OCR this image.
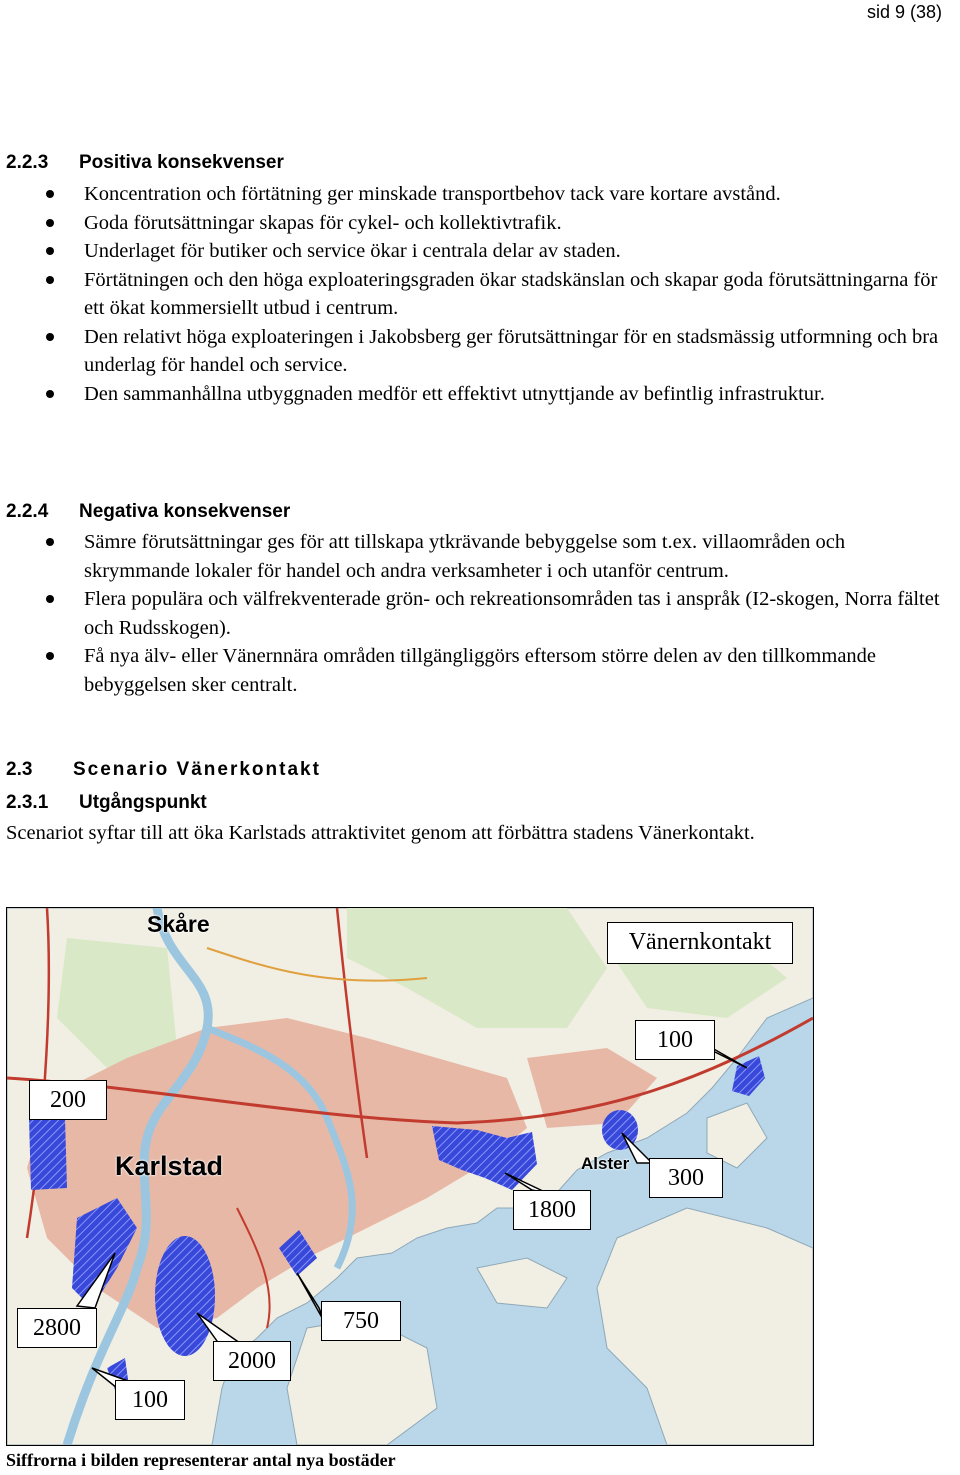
sid 9 (38)
2.2.3 Positiva konsekvenser
Koncentration och förtätning ger minskade transportbehov tack vare kortare avstånd.
Goda förutsättningar skapas för cykel- och kollektivtrafik.
Underlaget för butiker och service ökar i centrala delar av staden.
Förtätningen och den höga exploateringsgraden ökar stadskänslan och skapar goda förutsättningarna för ett ökat kommersiellt utbud i centrum.
Den relativt höga exploateringen i Jakobsberg ger förutsättningar för en stadsmässig utformning och bra underlag för handel och service.
Den sammanhållna utbyggnaden medför ett effektivt utnyttjande av befintlig infrastruktur.
2.2.4 Negativa konsekvenser
Sämre förutsättningar ges för att tillskapa ytkrävande bebyggelse som t.ex. villaområden och skrymmande lokaler för handel och andra verksamheter i och utanför centrum.
Flera populära och välfrekventerade grön- och rekreationsområden tas i anspråk (I2-skogen, Norra fältet och Rudsskogen).
Få nya älv- eller Vänernnära områden tillgängliggörs eftersom större delen av den tillkommande bebyggelsen sker centralt.
2.3 Scenario Vänerkontakt
2.3.1 Utgångspunkt
Scenariot syftar till att öka Karlstads attraktivitet genom att förbättra stadens Vänerkontakt.
Skåre
Karlstad	Alster
Vänernkontakt
200
100
1800
300
2800	750
2000
100
Siffrorna i bilden representerar antal nya bostäder
